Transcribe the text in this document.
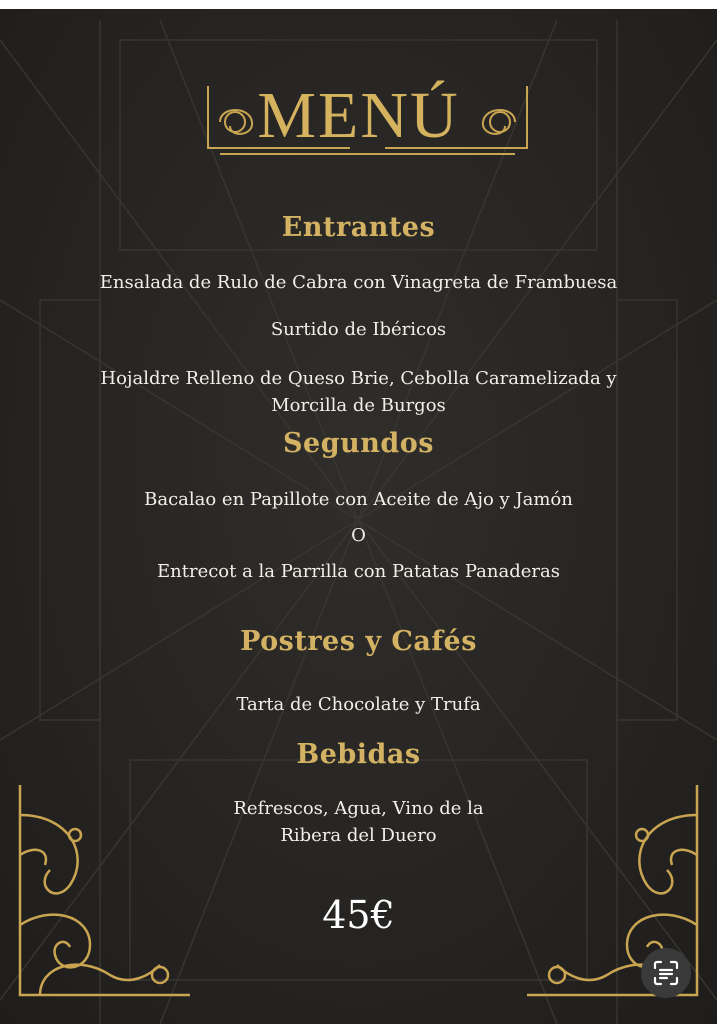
MENÚ
Entrantes
Ensalada de Rulo de Cabra con Vinagreta de Frambuesa
Surtido de Ibéricos
Hojaldre Relleno de Queso Brie, Cebolla Caramelizada y
Morcilla de Burgos
Segundos
Bacalao en Papillote con Aceite de Ajo y Jamón
O
Entrecot a la Parrilla con Patatas Panaderas
Postres y Cafés
Tarta de Chocolate y Trufa
Bebidas
Refrescos, Agua, Vino de la
Ribera del Duero
45€
